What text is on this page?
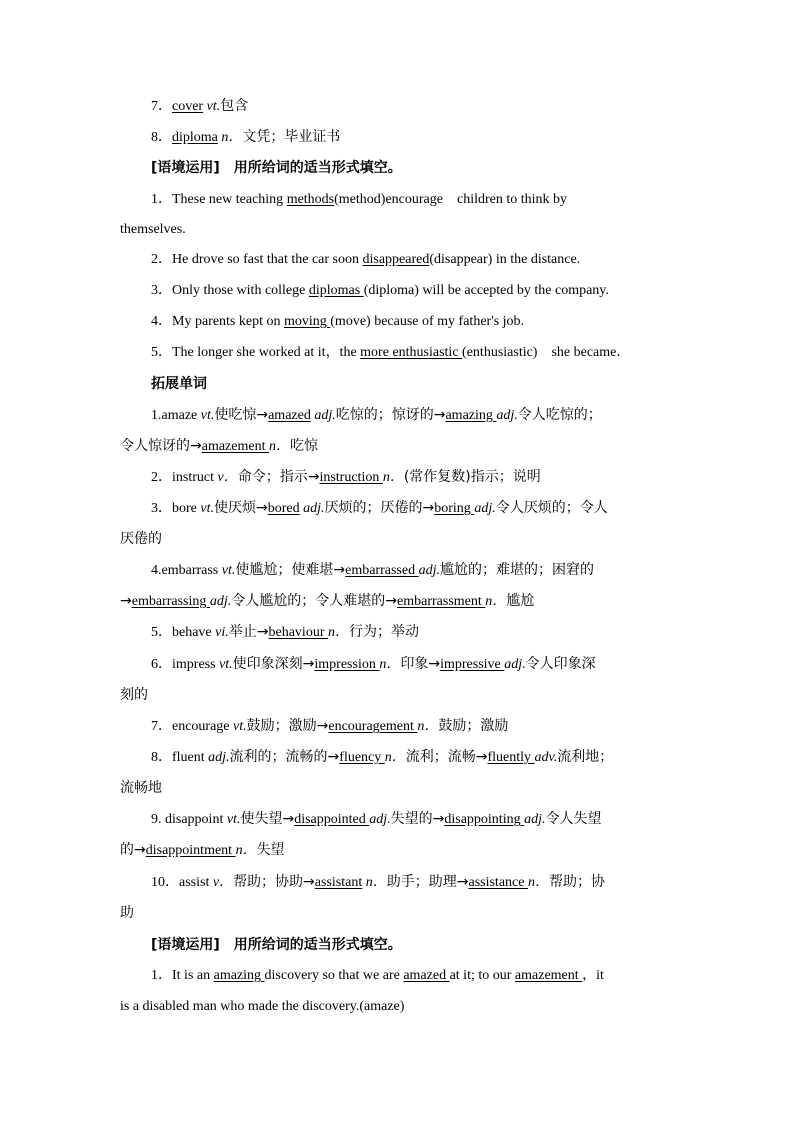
7．cover vt.包含
8．diploma n．文凭；毕业证书
[语境运用]　用所给词的适当形式填空。
1．These new teaching methods(method)encourage　children to think by
themselves.
2．He drove so fast that the car soon disappeared(disappear) in the distance.
3．Only those with college diplomas (diploma) will be accepted by the company.
4．My parents kept on moving (move) because of my father's job.
5．The longer she worked at it，the more enthusiastic (enthusiastic)　she became．
拓展单词
1.amaze vt.使吃惊→amazed adj.吃惊的；惊讶的→amazing adj.令人吃惊的；
令人惊讶的→amazement n．吃惊
2．instruct v．命令；指示→instruction n．(常作复数)指示；说明
3．bore vt.使厌烦→bored adj.厌烦的；厌倦的→boring adj.令人厌烦的；令人
厌倦的
4.embarrass vt.使尴尬；使难堪→embarrassed adj.尴尬的；难堪的；困窘的
→embarrassing adj.令人尴尬的；令人难堪的→embarrassment n．尴尬
5．behave vi.举止→behaviour n．行为；举动
6．impress vt.使印象深刻→impression n．印象→impressive adj.令人印象深
刻的
7．encourage vt.鼓励；激励→encouragement n．鼓励；激励
8．fluent adj.流利的；流畅的→fluency n．流利；流畅→fluently adv.流利地；
流畅地
9. disappoint vt.使失望→disappointed adj.失望的→disappointing adj.令人失望
的→disappointment n．失望
10．assist v．帮助；协助→assistant n．助手；助理→assistance n．帮助；协
助
[语境运用]　用所给词的适当形式填空。
1．It is an amazing discovery so that we are amazed at it; to our amazement ，it
is a disabled man who made the discovery.(amaze)
